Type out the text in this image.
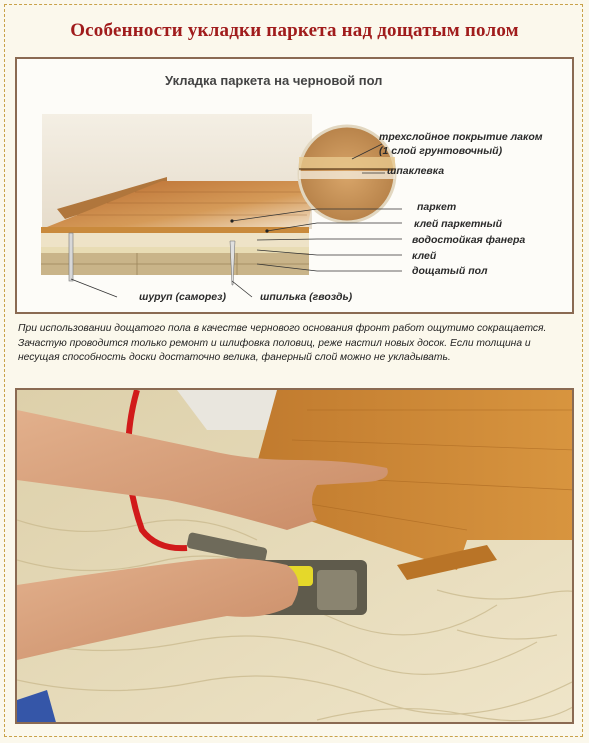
Особенности укладки паркета над дощатым полом
Укладка паркета на черновой пол
трехслойное покрытие лаком
(1 слой грунтовочный)
шпаклевка
паркет
клей паркетный
водостойкая фанера
клей
дощатый пол
шуруп (саморез)	шпилька (гвоздь)
При использовании дощатого пола в качестве чернового основания фронт работ ощутимо сокращается. Зачастую проводится только ремонт и шлифовка половиц, реже настил новых досок. Если толщина и несущая способность доски достаточно велика, фанерный слой можно не укладывать.
